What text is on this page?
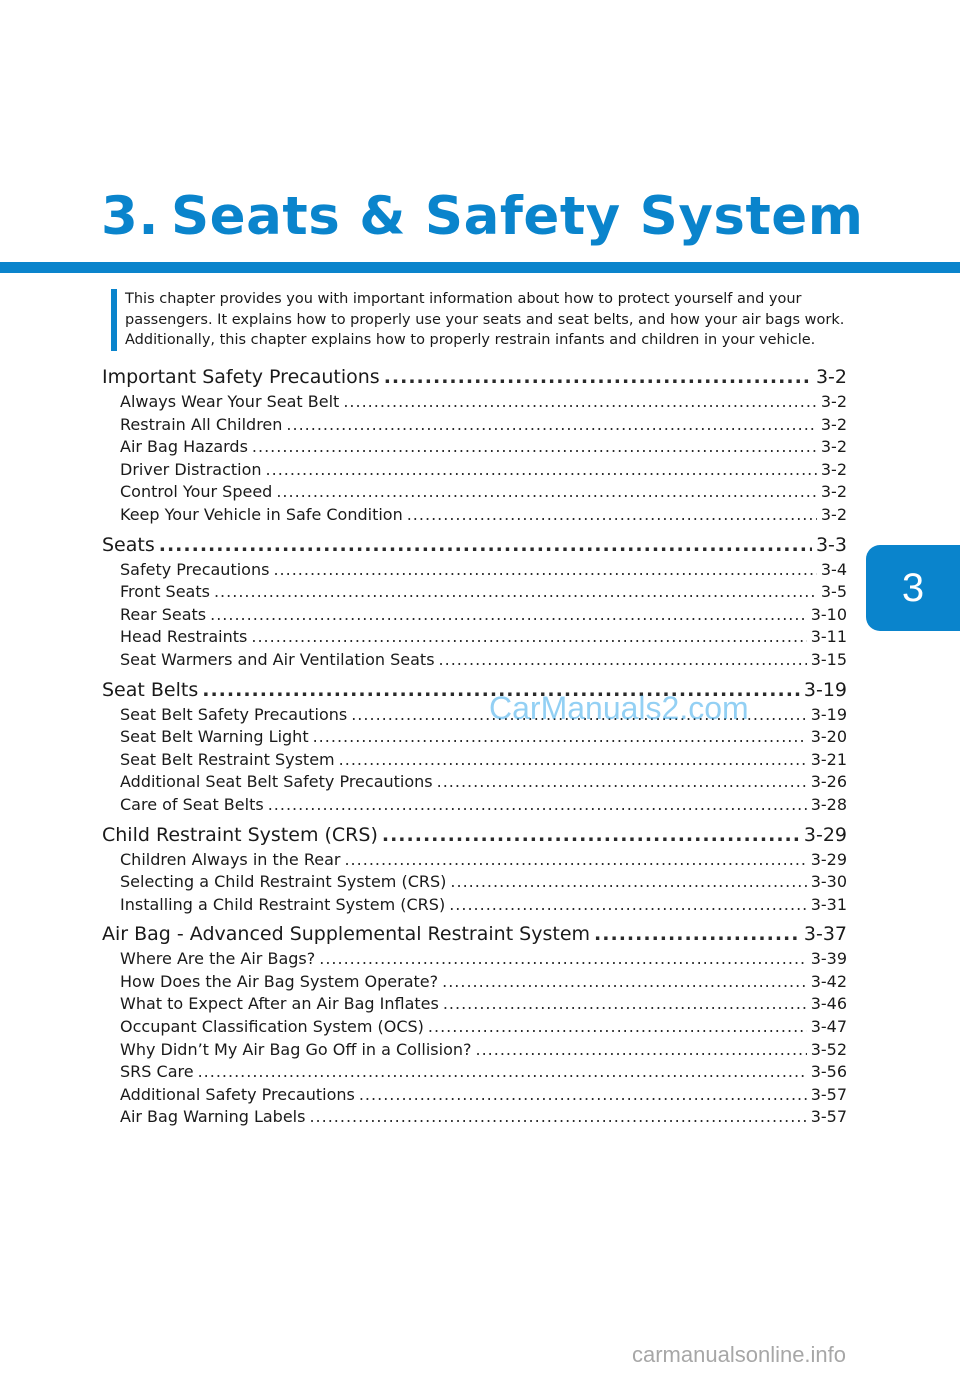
3. Seats & Safety System
This chapter provides you with important information about how to protect yourself and your passengers. It explains how to properly use your seats and seat belts, and how your air bags work. Additionally, this chapter explains how to properly restrain infants and children in your vehicle.
3
Important Safety Precautions .....	3-2
Always Wear Your Seat Belt .....	3-2
Restrain All Children .....	3-2
Air Bag Hazards .....	3-2
Driver Distraction .....	3-2
Control Your Speed .....	3-2
Keep Your Vehicle in Safe Condition .....	3-2
Seats .....	3-3
Safety Precautions .....	3-4
Front Seats .....	3-5
Rear Seats .....	3-10
Head Restraints .....	3-11
Seat Warmers and Air Ventilation Seats .....	3-15
Seat Belts .....	3-19
Seat Belt Safety Precautions .....	3-19
Seat Belt Warning Light .....	3-20
Seat Belt Restraint System .....	3-21
Additional Seat Belt Safety Precautions .....	3-26
Care of Seat Belts .....	3-28
Child Restraint System (CRS) .....	3-29
Children Always in the Rear .....	3-29
Selecting a Child Restraint System (CRS) .....	3-30
Installing a Child Restraint System (CRS) .....	3-31
Air Bag - Advanced Supplemental Restraint System .....	3-37
Where Are the Air Bags? .....	3-39
How Does the Air Bag System Operate? .....	3-42
What to Expect After an Air Bag Inflates .....	3-46
Occupant Classification System (OCS) .....	3-47
Why Didn’t My Air Bag Go Off in a Collision? .....	3-52
SRS Care .....	3-56
Additional Safety Precautions .....	3-57
Air Bag Warning Labels .....	3-57
CarManuals2.com
carmanualsonline.info
